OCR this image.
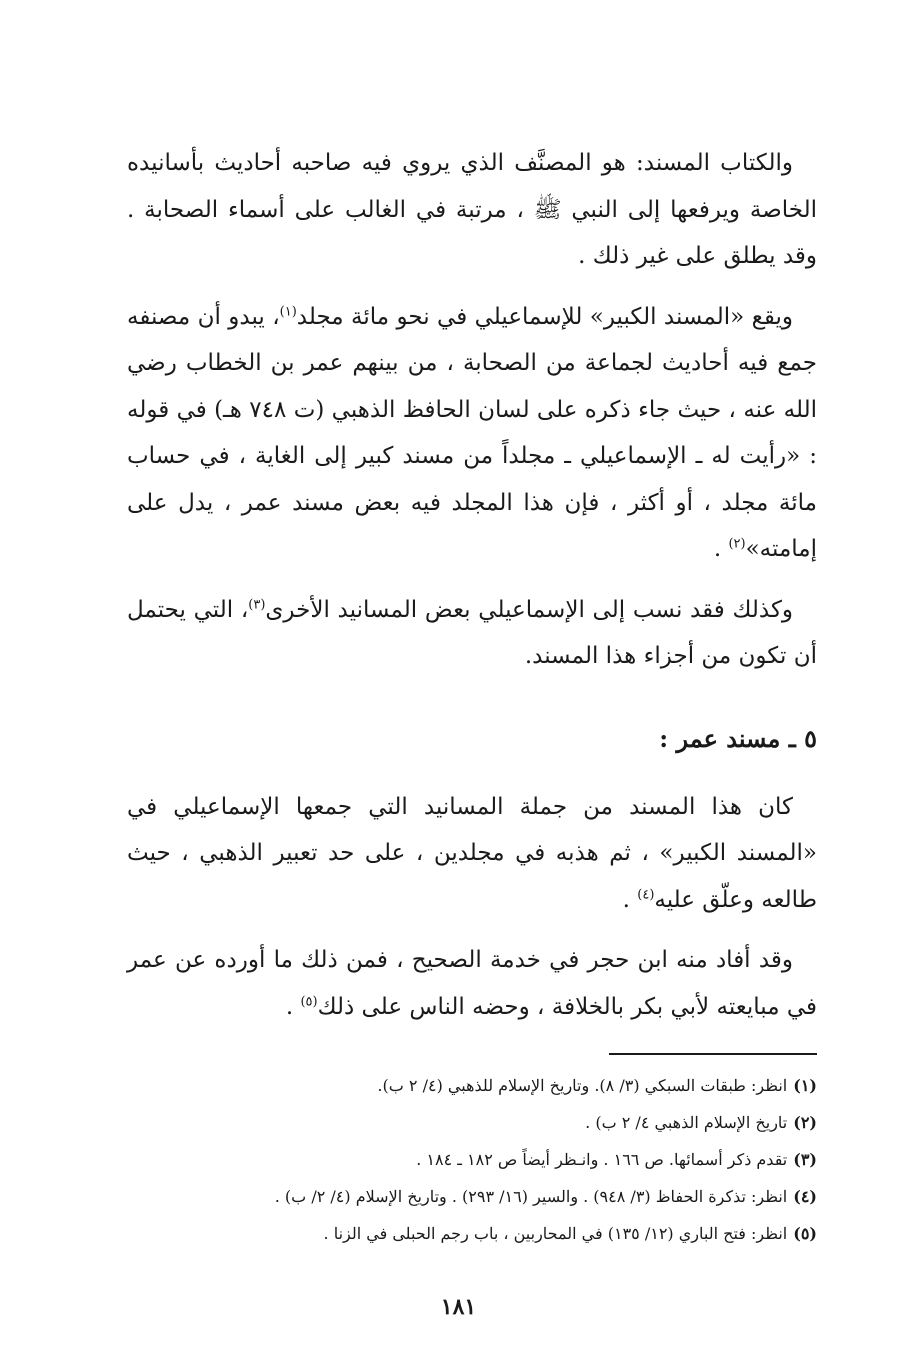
والكتاب المسند: هو المصنَّف الذي يروي فيه صاحبه أحاديث بأسانيده الخاصة ويرفعها إلى النبي ﷺ ، مرتبة في الغالب على أسماء الصحابة . وقد يطلق على غير ذلك .

ويقع «المسند الكبير» للإسماعيلي في نحو مائة مجلد$^{(١)}$، يبدو أن مصنفه جمع فيه أحاديث لجماعة من الصحابة ، من بينهم عمر بن الخطاب رضي الله عنه ، حيث جاء ذكره على لسان الحافظ الذهبي (ت ٧٤٨ هـ) في قوله : «رأيت له ـ الإسماعيلي ـ مجلداً من مسند كبير إلى الغاية ، في حساب مائة مجلد ، أو أكثر ، فإن هذا المجلد فيه بعض مسند عمر ، يدل على إمامته»$^{(٢)}$ .

وكذلك فقد نسب إلى الإسماعيلي بعض المسانيد الأخرى$^{(٣)}$، التي يحتمل أن تكون من أجزاء هذا المسند.

٥ ـ مسند عمر :

كان هذا المسند من جملة المسانيد التي جمعها الإسماعيلي في «المسند الكبير» ، ثم هذبه في مجلدين ، على حد تعبير الذهبي ، حيث طالعه وعلّق عليه$^{(٤)}$ .

وقد أفاد منه ابن حجر في خدمة الصحيح ، فمن ذلك ما أورده عن عمر في مبايعته لأبي بكر بالخلافة ، وحضه الناس على ذلك$^{(٥)}$ .

(١)انظر: طبقات السبكي (٣/ ٨). وتاريخ الإسلام للذهبي (٤/ ٢ ب).

(٢)تاريخ الإسلام الذهبي ٤/ ٢ ب) .

(٣)تقدم ذكر أسمائها. ص ١٦٦ . وانـظر أيضاً ص ١٨٢ ـ ١٨٤ .

(٤)انظر: تذكرة الحفاظ (٣/ ٩٤٨) . والسير (١٦/ ٢٩٣) . وتاريخ الإسلام (٤/ ٢/ ب) .

(٥)انظر: فتح الباري (١٢/ ١٣٥) في المحاربين ، باب رجم الحبلى في الزنا .

١٨١
